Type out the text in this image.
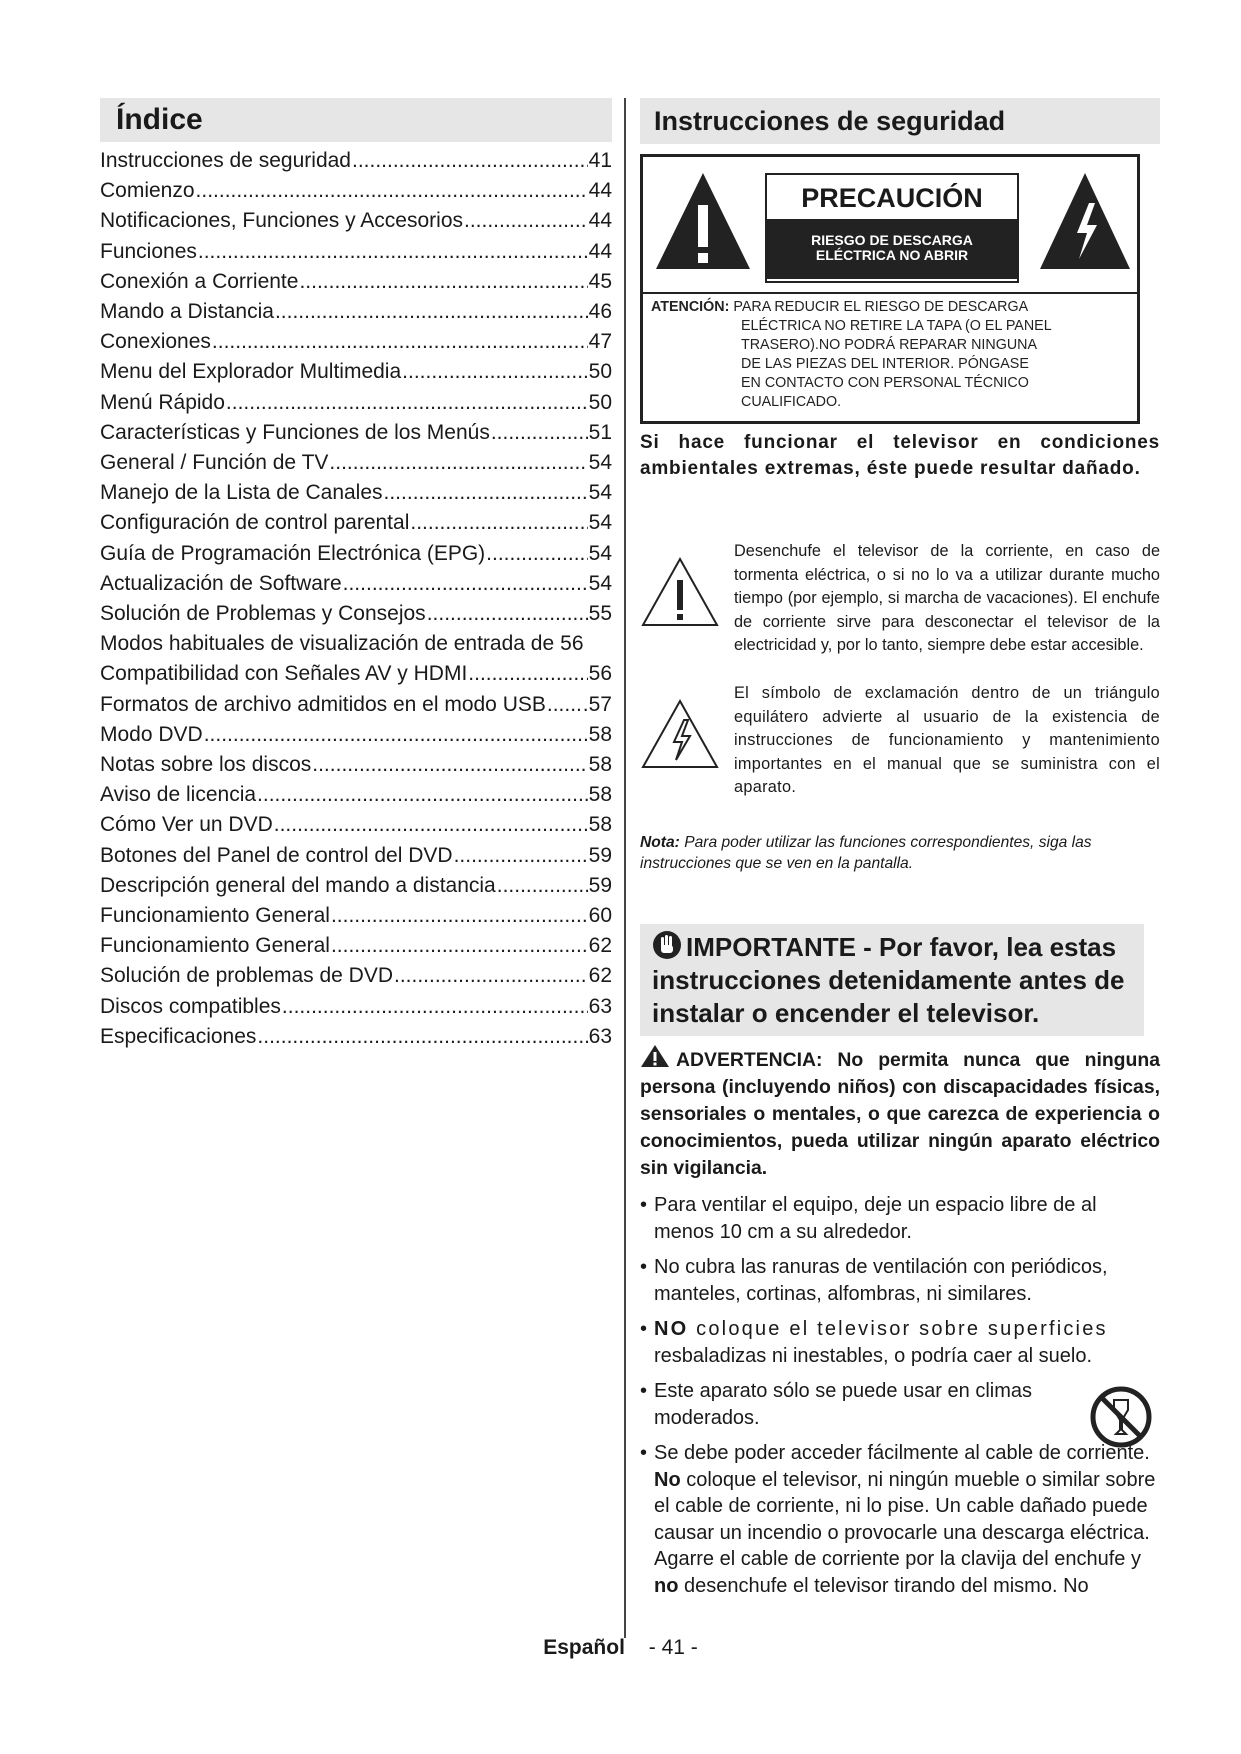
Índice
Instrucciones de seguridad .....	41
Comienzo .....	44
Notificaciones, Funciones y Accesorios .....	44
Funciones .....	44
Conexión a Corriente .....	45
Mando a Distancia .....	46
Conexiones .....	47
Menu del Explorador Multimedia .....	50
Menú Rápido .....	50
Características y Funciones de los Menús .....	51
General / Función de TV .....	54
Manejo de la Lista de Canales .....	54
Configuración de control parental .....	54
Guía de Programación Electrónica (EPG) .....	54
Actualización de Software .....	54
Solución de Problemas y Consejos .....	55
Modos habituales de visualización de entrada de 56
Compatibilidad con Señales AV y HDMI .....	56
Formatos de archivo admitidos en el modo USB ..... .57
Modo DVD .....	58
Notas sobre los discos .....	58
Aviso de licencia .....	58
Cómo Ver un DVD .....	58
Botones del Panel de control del DVD .....	59
Descripción general del mando a distancia .....	59
Funcionamiento General .....	60
Funcionamiento General .....	62
Solución de problemas de DVD .....	62
Discos compatibles .....	63
Especificaciones .....	63
Instrucciones de seguridad
PRECAUCIÓN
RIESGO DE DESCARGA
ELÉCTRICA NO ABRIR
ATENCIÓN: PARA REDUCIR EL RIESGO DE DESCARGA
ELÉCTRICA NO RETIRE LA TAPA (O EL PANEL
TRASERO).NO PODRÁ REPARAR NINGUNA
DE LAS PIEZAS DEL INTERIOR. PÓNGASE
EN CONTACTO CON PERSONAL TÉCNICO
CUALIFICADO.
Si hace funcionar el televisor en condiciones ambientales extremas, éste puede resultar dañado.
Desenchufe el televisor de la corriente, en caso de tormenta eléctrica, o si no lo va a utilizar durante mucho tiempo (por ejemplo, si marcha de vacaciones). El enchufe de corriente sirve para desconectar el televisor de la electricidad y, por lo tanto, siempre debe estar accesible.
El símbolo de exclamación dentro de un triángulo equilátero advierte al usuario de la existencia de instrucciones de funcionamiento y mantenimiento importantes en el manual que se suministra con el aparato.
Nota: Para poder utilizar las funciones correspondientes, siga las instrucciones que se ven en la pantalla.
IMPORTANTE - Por favor, lea estas instrucciones detenidamente antes de instalar o encender el televisor.
ADVERTENCIA: No permita nunca que ninguna persona (incluyendo niños) con discapacidades físicas, sensoriales o mentales, o que carezca de experiencia o conocimientos, pueda utilizar ningún aparato eléctrico sin vigilancia.
• Para ventilar el equipo, deje un espacio libre de al menos 10 cm a su alrededor.
• No cubra las ranuras de ventilación con periódicos, manteles, cortinas, alfombras, ni similares.
• NO coloque el televisor sobre superficies
resbaladizas ni inestables, o podría caer al suelo.
• Este aparato sólo se puede usar en climas moderados.
• Se debe poder acceder fácilmente al cable de corriente. No coloque el televisor, ni ningún mueble o similar sobre el cable de corriente, ni lo pise. Un cable dañado puede causar un incendio o provocarle una descarga eléctrica. Agarre el cable de corriente por la clavija del enchufe y no desenchufe el televisor tirando del mismo. No
Español - 41 -
